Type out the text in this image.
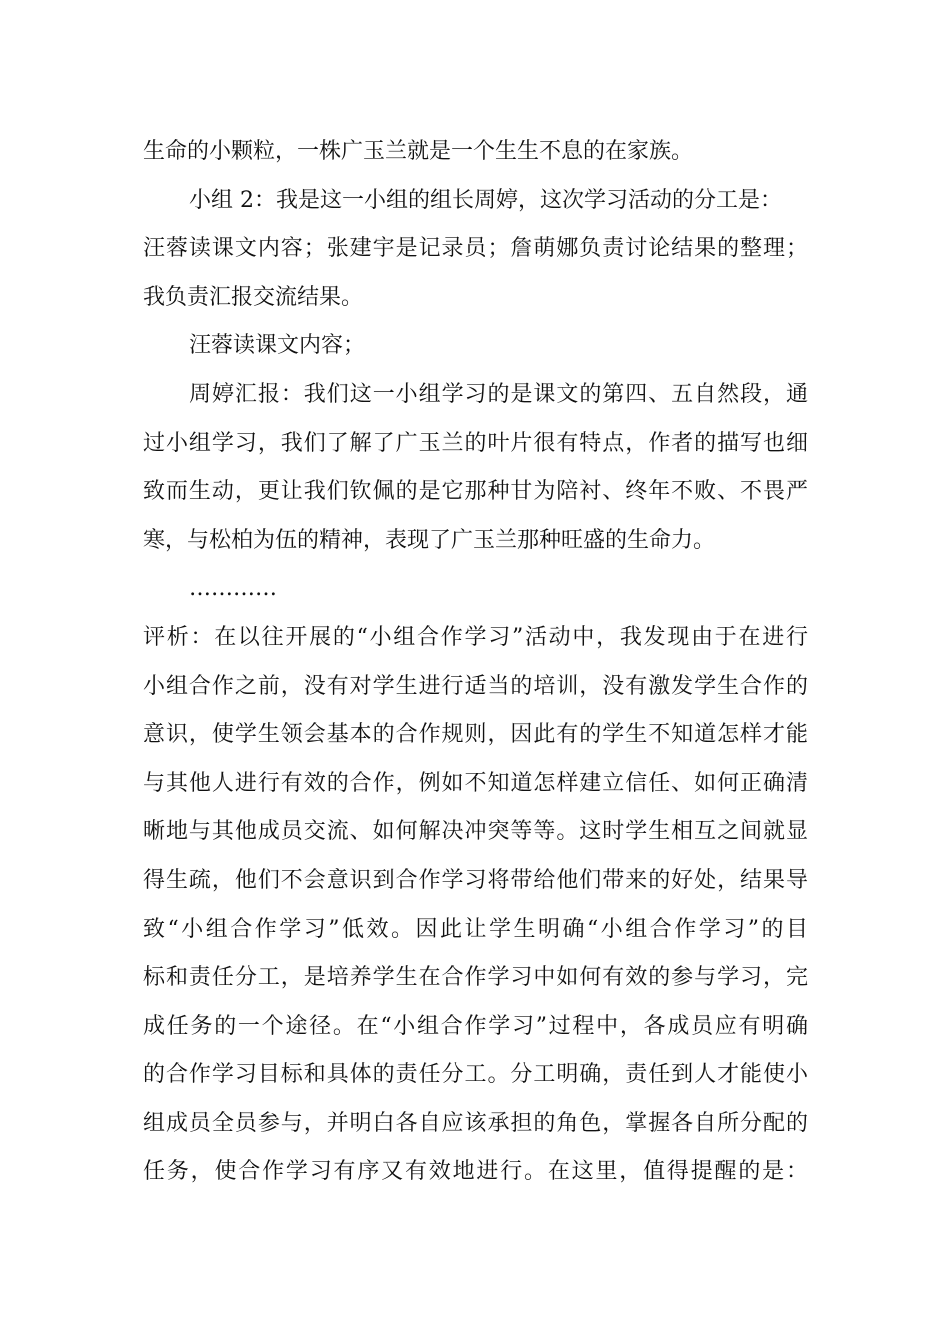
生命的小颗粒，一株广玉兰就是一个生生不息的在家族。
小组 2：我是这一小组的组长周婷，这次学习活动的分工是：
汪蓉读课文内容；张建宇是记录员；詹萌娜负责讨论结果的整理；
我负责汇报交流结果。
汪蓉读课文内容；
周婷汇报：我们这一小组学习的是课文的第四、五自然段，通
过小组学习，我们了解了广玉兰的叶片很有特点，作者的描写也细
致而生动，更让我们钦佩的是它那种甘为陪衬、终年不败、不畏严
寒，与松柏为伍的精神，表现了广玉兰那种旺盛的生命力。
…………
评析：在以往开展的“小组合作学习”活动中，我发现由于在进行
小组合作之前，没有对学生进行适当的培训，没有激发学生合作的
意识，使学生领会基本的合作规则，因此有的学生不知道怎样才能
与其他人进行有效的合作，例如不知道怎样建立信任、如何正确清
晰地与其他成员交流、如何解决冲突等等。这时学生相互之间就显
得生疏，他们不会意识到合作学习将带给他们带来的好处，结果导
致“小组合作学习”低效。因此让学生明确“小组合作学习”的目
标和责任分工，是培养学生在合作学习中如何有效的参与学习，完
成任务的一个途径。在“小组合作学习”过程中，各成员应有明确
的合作学习目标和具体的责任分工。分工明确，责任到人才能使小
组成员全员参与，并明白各自应该承担的角色，掌握各自所分配的
任务，使合作学习有序又有效地进行。在这里，值得提醒的是：
